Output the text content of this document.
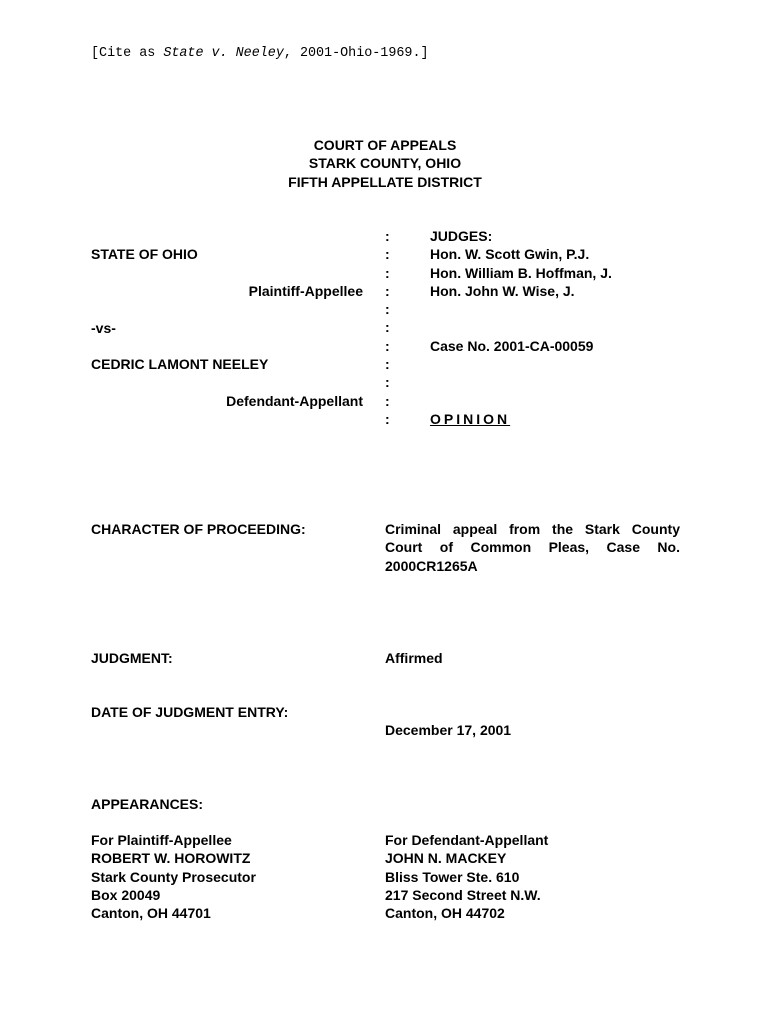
[Cite as State v. Neeley, 2001-Ohio-1969.]
COURT OF APPEALS
STARK COUNTY, OHIO
FIFTH APPELLATE DISTRICT
STATE OF OHIO
Plaintiff-Appellee
-vs-
CEDRIC LAMONT NEELEY
Defendant-Appellant
:
:
:
:
:
:
:
:
:
:
:
JUDGES:
Hon. W. Scott Gwin, P.J.
Hon. William B. Hoffman, J.
Hon. John W. Wise, J.
Case No. 2001-CA-00059
OPINION
CHARACTER OF PROCEEDING:	Criminal appeal from the Stark County
Court of Common Pleas, Case No.
2000CR1265A
JUDGMENT:	Affirmed
DATE OF JUDGMENT ENTRY:
December 17, 2001
APPEARANCES:
For Plaintiff-Appellee
ROBERT W. HOROWITZ
Stark County Prosecutor
Box 20049
Canton, OH 44701
For Defendant-Appellant
JOHN N. MACKEY
Bliss Tower Ste. 610
217 Second Street N.W.
Canton, OH 44702
